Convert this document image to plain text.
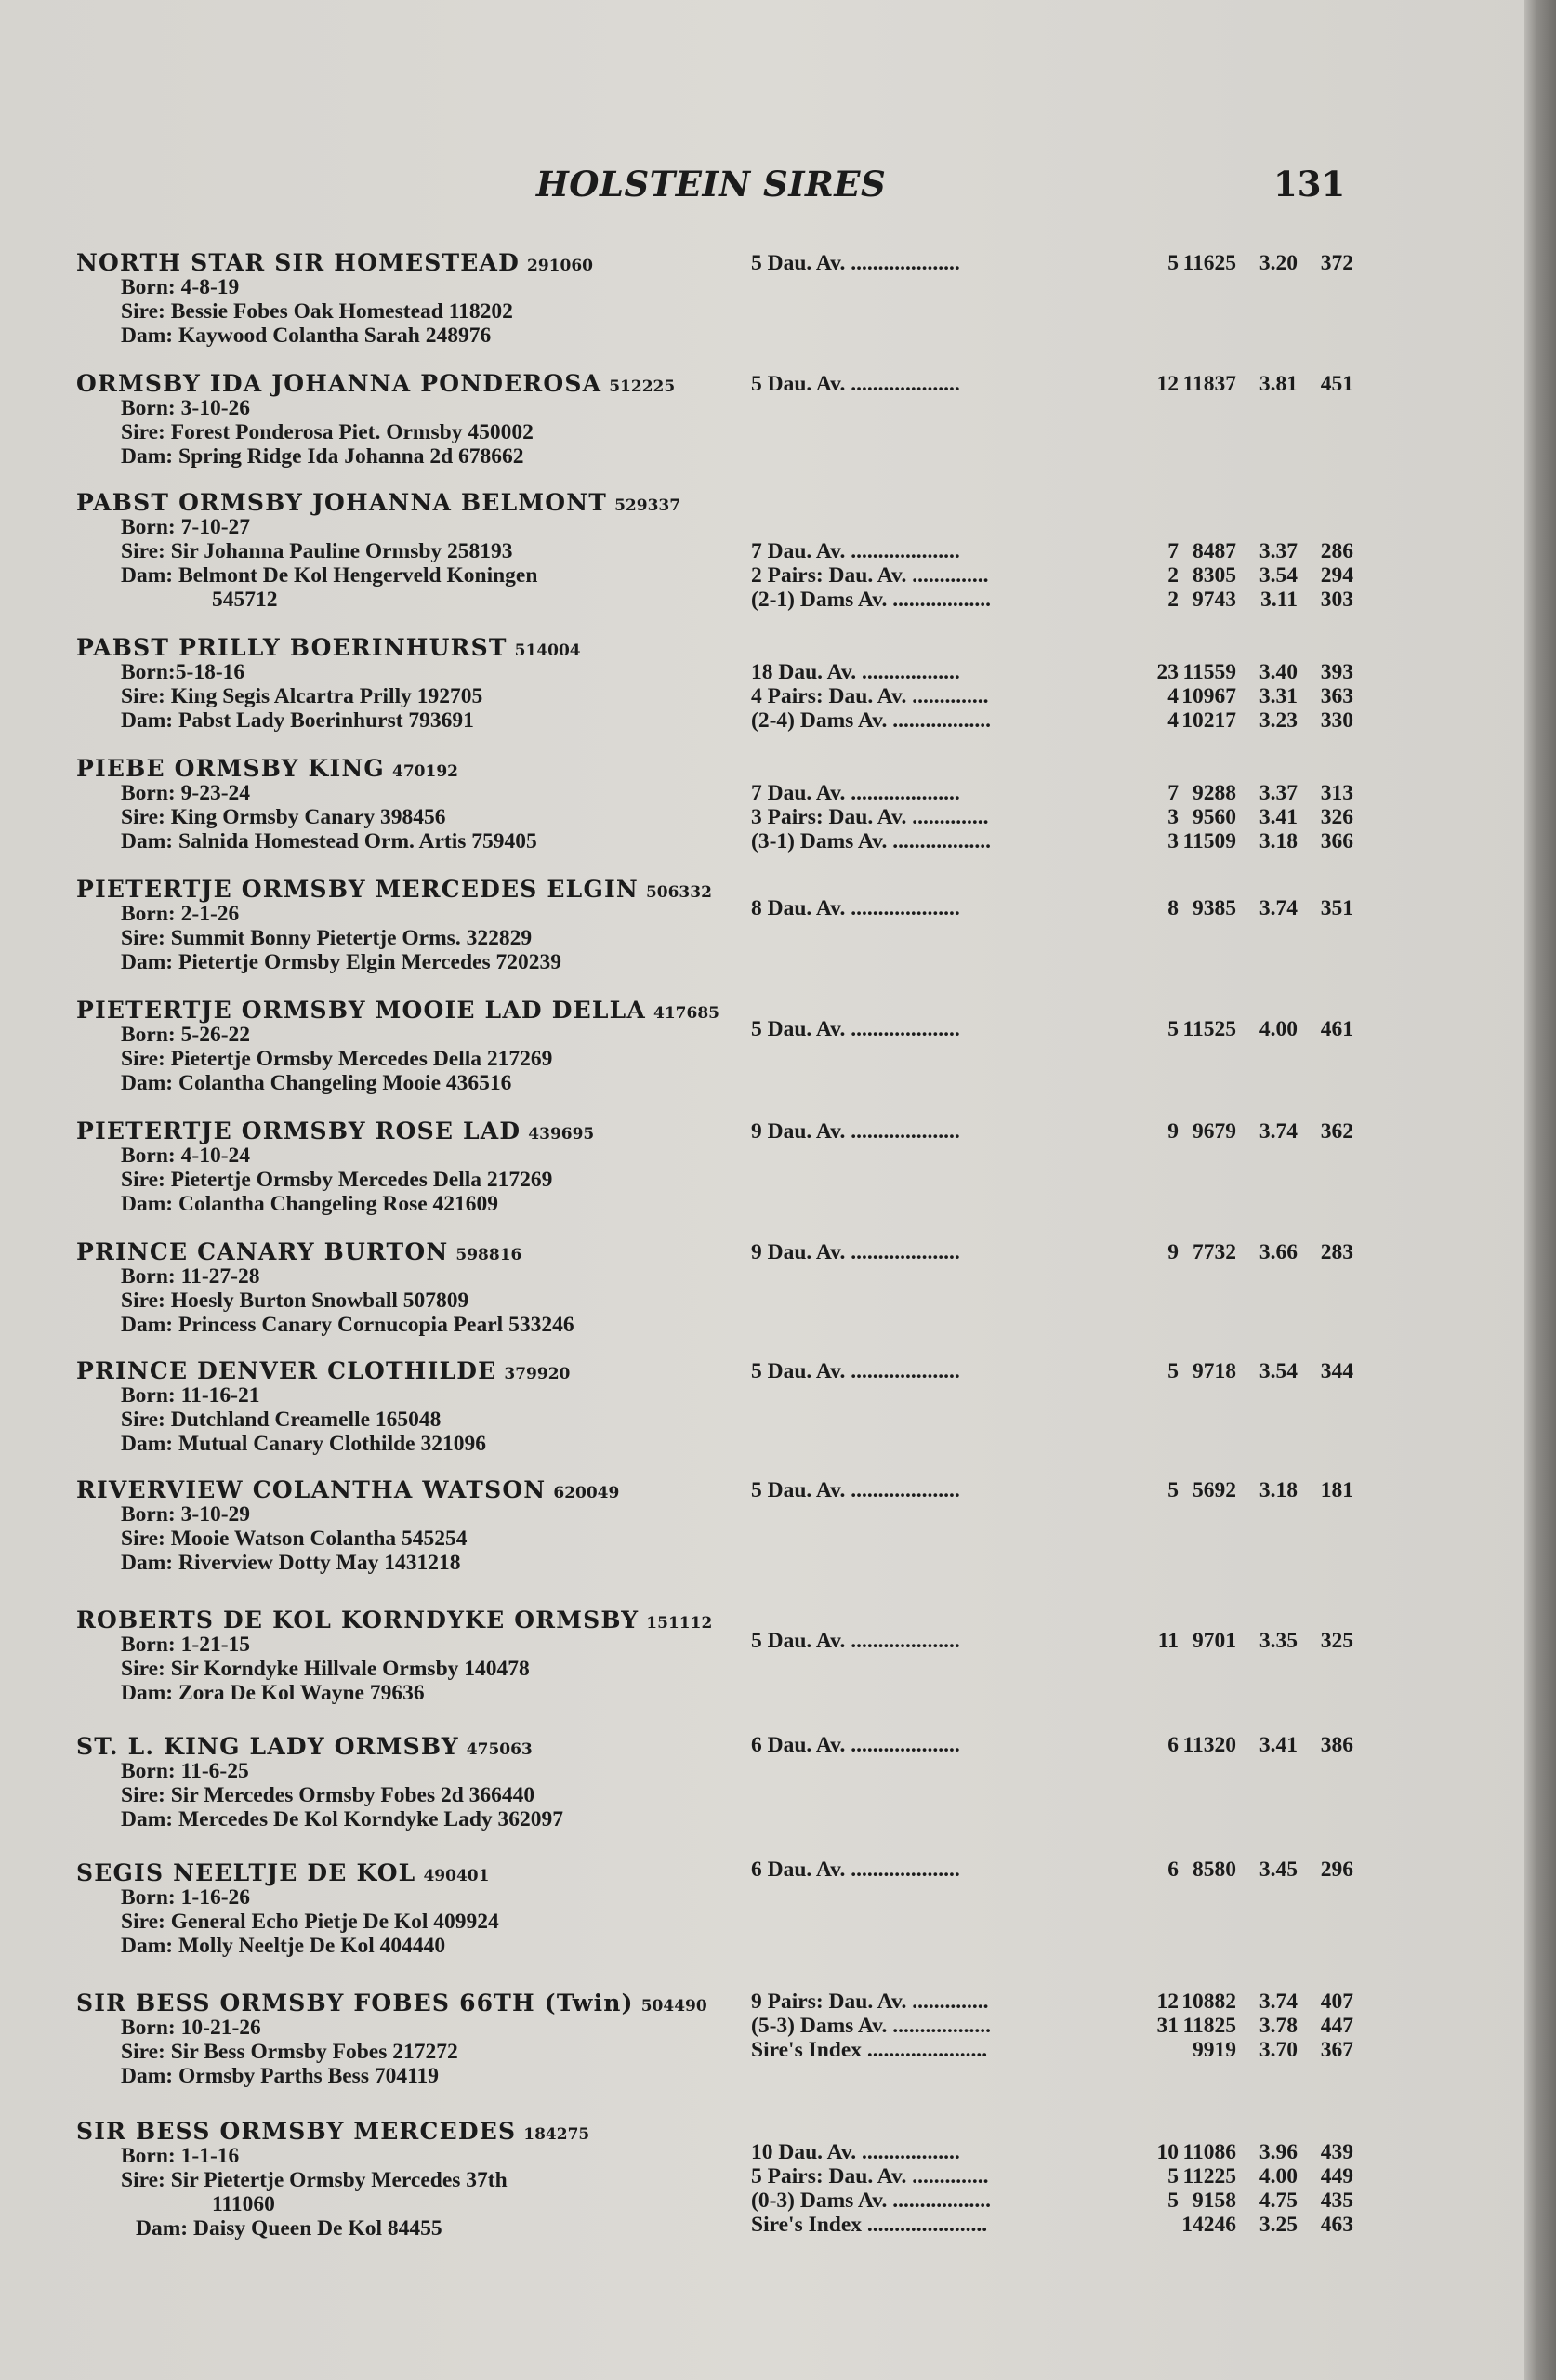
HOLSTEIN SIRES	131
NORTH STAR SIR HOMESTEAD 291060
Born: 4-8-19
Sire: Bessie Fobes Oak Homestead 118202
Dam: Kaywood Colantha Sarah 248976
5 Dau. Av. ....................	5 11625	3.20	372
ORMSBY IDA JOHANNA PONDEROSA 512225
Born: 3-10-26
Sire: Forest Ponderosa Piet. Ormsby 450002
Dam: Spring Ridge Ida Johanna 2d 678662
5 Dau. Av. ....................	12 11837	3.81	451
PABST ORMSBY JOHANNA BELMONT 529337
Born: 7-10-27
Sire: Sir Johanna Pauline Ormsby 258193
Dam: Belmont De Kol Hengerveld Koningen
545712
7 Dau. Av. ....................	7 8487	3.37	286
2 Pairs: Dau. Av. ..............	2 8305	3.54	294
(2-1) Dams Av. ..................	2 9743	3.11	303
PABST PRILLY BOERINHURST 514004
Born:5-18-16
Sire: King Segis Alcartra Prilly 192705
Dam: Pabst Lady Boerinhurst 793691
18 Dau. Av. ..................	23 11559	3.40	393
4 Pairs: Dau. Av. ..............	4 10967	3.31	363
(2-4) Dams Av. ..................	4 10217	3.23	330
PIEBE ORMSBY KING 470192
Born: 9-23-24
Sire: King Ormsby Canary 398456
Dam: Salnida Homestead Orm. Artis 759405
7 Dau. Av. ....................	7 9288	3.37	313
3 Pairs: Dau. Av. ..............	3 9560	3.41	326
(3-1) Dams Av. ..................	3 11509	3.18	366
PIETERTJE ORMSBY MERCEDES ELGIN 506332
Born: 2-1-26
Sire: Summit Bonny Pietertje Orms. 322829
Dam: Pietertje Ormsby Elgin Mercedes 720239
8 Dau. Av. ....................	8 9385	3.74	351
PIETERTJE ORMSBY MOOIE LAD DELLA 417685
Born: 5-26-22
Sire: Pietertje Ormsby Mercedes Della 217269
Dam: Colantha Changeling Mooie 436516
5 Dau. Av. ....................	5 11525	4.00	461
PIETERTJE ORMSBY ROSE LAD 439695
Born: 4-10-24
Sire: Pietertje Ormsby Mercedes Della 217269
Dam: Colantha Changeling Rose 421609
9 Dau. Av. ....................	9 9679	3.74	362
PRINCE CANARY BURTON 598816
Born: 11-27-28
Sire: Hoesly Burton Snowball 507809
Dam: Princess Canary Cornucopia Pearl 533246
9 Dau. Av. ....................	9 7732	3.66	283
PRINCE DENVER CLOTHILDE 379920
Born: 11-16-21
Sire: Dutchland Creamelle 165048
Dam: Mutual Canary Clothilde 321096
5 Dau. Av. ....................	5 9718	3.54	344
RIVERVIEW COLANTHA WATSON 620049
Born: 3-10-29
Sire: Mooie Watson Colantha 545254
Dam: Riverview Dotty May 1431218
5 Dau. Av. ....................	5 5692	3.18	181
ROBERTS DE KOL KORNDYKE ORMSBY 151112
Born: 1-21-15
Sire: Sir Korndyke Hillvale Ormsby 140478
Dam: Zora De Kol Wayne 79636
5 Dau. Av. ....................	11 9701	3.35	325
ST. L. KING LADY ORMSBY 475063
Born: 11-6-25
Sire: Sir Mercedes Ormsby Fobes 2d 366440
Dam: Mercedes De Kol Korndyke Lady 362097
6 Dau. Av. ....................	6 11320	3.41	386
SEGIS NEELTJE DE KOL 490401
Born: 1-16-26
Sire: General Echo Pietje De Kol 409924
Dam: Molly Neeltje De Kol 404440
6 Dau. Av. ....................	6 8580	3.45	296
SIR BESS ORMSBY FOBES 66TH (Twin) 504490
Born: 10-21-26
Sire: Sir Bess Ormsby Fobes 217272
Dam: Ormsby Parths Bess 704119
9 Pairs: Dau. Av. ..............	12 10882	3.74	407
(5-3) Dams Av. ..................	31 11825	3.78	447
Sire's Index ......................	9919	3.70	367
SIR BESS ORMSBY MERCEDES 184275
Born: 1-1-16
Sire: Sir Pietertje Ormsby Mercedes 37th
111060
Dam: Daisy Queen De Kol 84455
10 Dau. Av. ..................	10 11086	3.96	439
5 Pairs: Dau. Av. ..............	5 11225	4.00	449
(0-3) Dams Av. ..................	5 9158	4.75	435
Sire's Index ......................	14246	3.25	463
